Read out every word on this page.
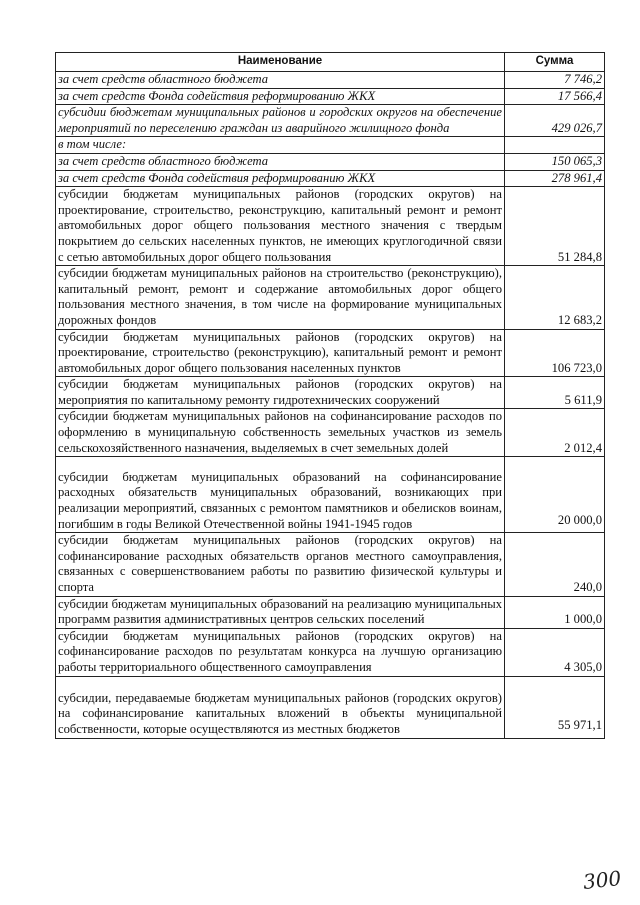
Наименование	Сумма
за счет средств областного бюджета	7 746,2
за счет средств Фонда содействия реформированию ЖКХ	17 566,4
субсидии бюджетам муниципальных районов и городских округов на обеспечение мероприятий по переселению граждан из аварийного жилищного фонда	429 026,7
в том числе:	
за счет средств областного бюджета	150 065,3
за счет средств Фонда содействия реформированию ЖКХ	278 961,4
субсидии бюджетам муниципальных районов (городских округов) на проектирование, строительство, реконструкцию, капитальный ремонт и ремонт автомобильных дорог общего пользования местного значения с твердым покрытием до сельских населенных пунктов, не имеющих круглогодичной связи с сетью автомобильных дорог общего пользования	51 284,8
субсидии бюджетам муниципальных районов на строительство (реконструкцию), капитальный ремонт, ремонт и содержание автомобильных дорог общего пользования местного значения, в том числе на формирование муниципальных дорожных фондов	12 683,2
субсидии бюджетам муниципальных районов (городских округов) на проектирование, строительство (реконструкцию), капитальный ремонт и ремонт автомобильных дорог общего пользования населенных пунктов	106 723,0
субсидии бюджетам муниципальных районов (городских округов) на мероприятия по капитальному ремонту гидротехнических сооружений	5 611,9
субсидии бюджетам муниципальных районов на софинансирование расходов по оформлению в муниципальную собственность земельных участков из земель сельскохозяйственного назначения, выделяемых в счет земельных долей	2 012,4
субсидии бюджетам муниципальных образований на софинансирование расходных обязательств муниципальных образований, возникающих при реализации мероприятий, связанных с ремонтом памятников и обелисков воинам, погибшим в годы Великой Отечественной войны 1941-1945 годов	20 000,0
субсидии бюджетам муниципальных районов (городских округов) на софинансирование расходных обязательств органов местного самоуправления, связанных с совершенствованием работы по развитию физической культуры и спорта	240,0
субсидии бюджетам муниципальных образований на реализацию муниципальных программ развития административных центров сельских поселений	1 000,0
субсидии бюджетам муниципальных районов (городских округов) на софинансирование расходов по результатам конкурса на лучшую организацию работы территориального общественного самоуправления	4 305,0
субсидии, передаваемые бюджетам муниципальных районов (городских округов) на софинансирование капитальных вложений в объекты муниципальной собственности, которые осуществляются из местных бюджетов	55 971,1
300
